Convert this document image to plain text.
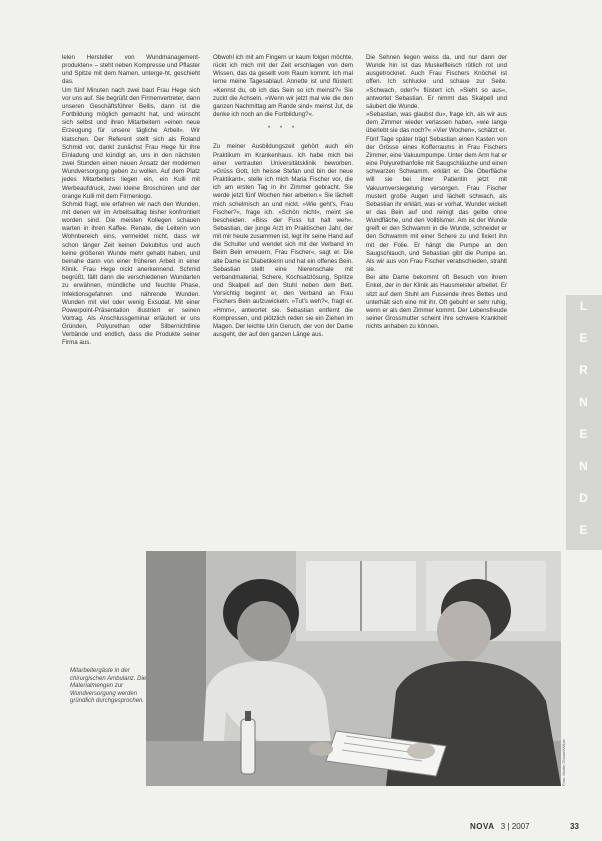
lelen Hersteller von Wundmanagement-produkten« – steht neben Kompresse und Pflaster und Spitze mit dem Namen, unterge-ht, geschieht das.

Um fünf Minuten nach zwei baut Frau Hege sich vor uns auf. Sie begrüßt den Firmenvertreter, dann unseren Geschäftsführer Bellis, dann ist die Fortbildung möglich gemacht hat, und wünscht sich selbst und ihren Mitarbeitern »einen neue Erzeugung für unsere tägliche Arbeit«. Wir klatschen. Der Referent stellt sich als Roland Schmid vor, dankt zunächst Frau Hege für ihre Einladung und kündigt an, uns in den nächsten zwei Stunden einen neuen Ansatz der modernen Wundversorgung geben zu wollen. Auf dem Platz jedes Mitarbeiters liegen ein, ein Kulli mit Werbeaufdruck, zwei kleine Broschüren und der orange Kulli mit dem Firmenlogo.

Schmid fragt, wie erfahren wir nach den Wunden, mit denen wir im Arbeitsalltag bisher konfrontiert worden sind. Die meisten Kollegen schauen warten in ihren Kaffee. Renate, die Leiterin von Wohnbereich eins, vermeidet nicht, dass wir schon länger Zeit keinen Dekubitus und auch keine größeren Wunde mehr gehabt haben, und beinahe dann von einer früheren Arbeit in einer Klinik. Frau Hege nickt anerkennend. Schmid begrüßt, fällt dann die verschiedenen Wundarten zu erwähnen, mündliche und feuchte Phase, Infektionsgefahren und nährende Wunden. Wunden mit viel oder wenig Exsudat. Mit einer Powerpoint-Präsentation illustriert er seinen Vortrag. Als Anschlussgeminar erläutert er uns Gründen, Polyurethan oder Silbernichtlinie Verbände und endlich, dass die Produkte seiner Firma aus.

Obwohl ich mit am Fingern ur kaum folgen möchte, rückt ich mich mit der Zeit erschlagen von dem Wissen, das da gesellt vom Raum kommt. Ich mal lerne meine Tagesablauf. Annette ist und flüstert: »Kennst du, ob ich das Sein so ich meinst?« Sie zuckt die Achseln. »Wenn wir jetzt mal wie die den ganzen Nachmittag am Rande sind« meinst Jut, de denke ich noch an die Fortbildung?«.

* * *

Zu meiner Ausbildungszeit gehört auch ein Praktikum im Krankenhaus. Ich habe mich bei einer vertrauten Universitätsklinik beworben. »Grüss Gott, Ich heisse Stefan und bin der neue Praktikant«, stelle ich mich Maria Fischer vor, die ich am ersten Tag in ihr Zimmer gebracht. Sie werde jetzt fünf Wochen hier arbeiten.« Sie lächelt mich schelmisch an und nickt. »Wie geht's, Frau Fischer?«, frage ich. »Schön nicht«, meint sie bescheiden. »Biss der Fuss tut halt weh«. Sebastian, der junge Arzt im Praktischen Jahr, der mit mir heute zusammen ist, legt ihr seine Hand auf die Schulter und wendet sich mit der Verband im Beim Bein erneuern, Frau Fischer«, sagt er. Die alte Dame ist Diabetikerin und hat ein offenes Bein. Sebastian stellt eine Nierenschale mit verbandmaterial, Schere, Kochsalzlösung, Spritze und Skalpell auf den Stuhl neben dem Bett. Vorsichtig beginnt er, den Verband an Frau Fischers Bein aufzuwickeln. »Tut's weh?«, fragt er. »Hmm«, antwortet sie. Sebastian entfernt die Kompressen, und plötzlich reden sie ein Ziehen im Magen. Der leichte Urin Geruch, der von der Dame ausgeht, der auf den ganzen Länge aus.

Die Sehnen liegen weiss da, und nur dann der Wunde hin ist das Muskelfleisch rötlich rot und ausgetrocknet. Auch Frau Fischers Knöchel ist offen. Ich schlucke und schaue zur Seite. »Schwach, oder?« flüstert ich. »Sieht so aus«, antwortet Sebastian. Er nimmt das Skalpell und säubert die Wunde.

»Sebastian, was glaubst du«, frage ich, als wir aus dem Zimmer wieder verlassen haben, »wie lange überlebt sie das noch?« »Vier Wochen«, schätzt er.

Fünf Tage später trägt Sebastian einen Kasten von der Grösse eines Kofferraums in Frau Fischers Zimmer, eine Vakuumpumpe. Unter dem Arm hat er eine Polyurethanfolie mit Saugschläuche und einen schwarzen Schwamm, erklärt er. Die Oberfläche will sie bei ihrer Patientin jetzt mit Vakuumversiegelung versorgen. Frau Fischer mustert große Augen und lächelt schwach, als Sebastian ihr erklärt, was er vorhat. Wunder wickelt er das Bein auf und reinigt das gelbe ohne Wundfläche, und den Volltilsmer. Am ist der Wunde greift er den Schwamm in die Wunde, schneidet er den Schwamm mit einer Schere zu und fixiert ihn mit der Folie. Er hängt die Pumpe an den Saugschlauch, und Sebastian gibt die Pumpe an. Als wir aus von Frau Fischer verabschieden, strahlt sie.

Bei alte Dame bekommt oft Besuch von ihrem Enkel, der in der Klinik als Hausmeister arbeitet. Er sitzt auf dem Stuhl am Fussende ihres Bettes und unterhält sich eine mit ihr. Oft gebuht er sehr ruhig, wenn er als dem Zimmer kommt. Der Lebensfreude seiner Grossmutter scheint ihre schwere Krankheit nichts anhaben zu können.

L
E
R
N
E
N
D
E
Mitarbeitergäste in der chirurgischen Ambulanz. Die Materialmengen zur Wundversorgung werden gründlich durchgesprochen.
Foto: Martin Glauert/Wilde
NOVA 3 | 2007	33
